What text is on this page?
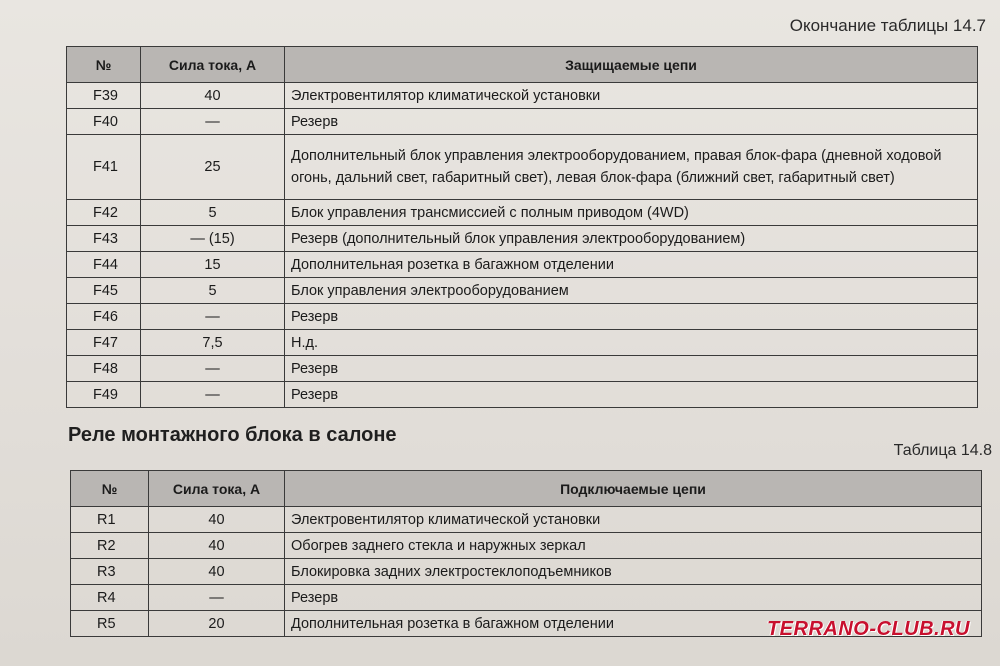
Окончание таблицы 14.7
№	Сила тока, А	Защищаемые цепи
F39	40	Электровентилятор климатической установки
F40	—	Резерв
F41	25	Дополнительный блок управления электрооборудованием, правая блок-фара (дневной ходовой огонь, дальний свет, габаритный свет), левая блок-фара (ближний свет, габаритный свет)
F42	5	Блок управления трансмиссией с полным приводом (4WD)
F43	— (15)	Резерв (дополнительный блок управления электрооборудованием)
F44	15	Дополнительная розетка в багажном отделении
F45	5	Блок управления электрооборудованием
F46	—	Резерв
F47	7,5	Н.д.
F48	—	Резерв
F49	—	Резерв
Реле монтажного блока в салоне
Таблица 14.8
№	Сила тока, А	Подключаемые цепи
R1	40	Электровентилятор климатической установки
R2	40	Обогрев заднего стекла и наружных зеркал
R3	40	Блокировка задних электростеклоподъемников
R4	—	Резерв
R5	20	Дополнительная розетка в багажном отделении	TERRANO-CLUB.RU
